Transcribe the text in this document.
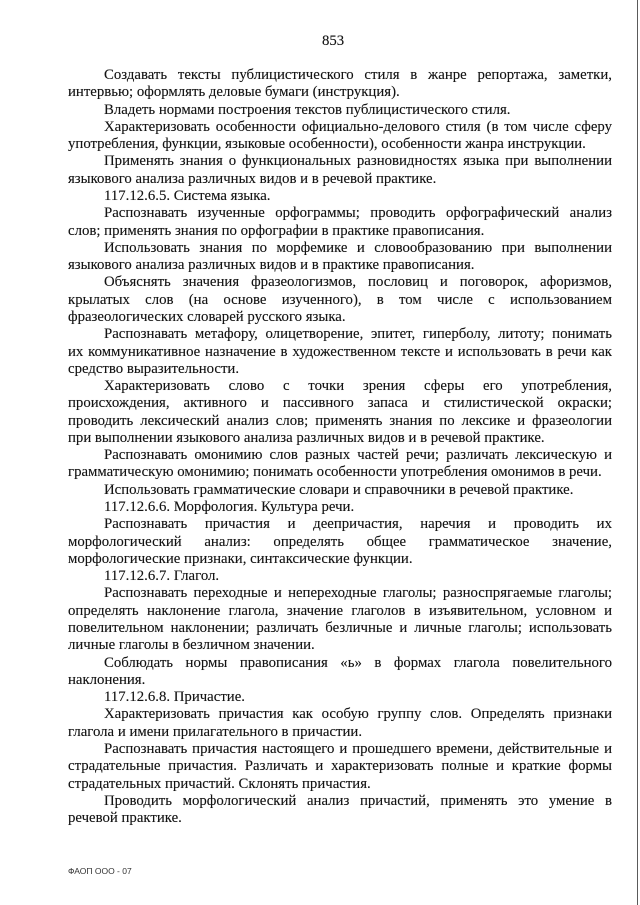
853
Создавать тексты публицистического стиля в жанре репортажа, заметки,
интервью; оформлять деловые бумаги (инструкция).
Владеть нормами построения текстов публицистического стиля.
Характеризовать особенности официально-делового стиля (в том числе сферу
употребления, функции, языковые особенности), особенности жанра инструкции.
Применять знания о функциональных разновидностях языка при выполнении
языкового анализа различных видов и в речевой практике.
117.12.6.5. Система языка.
Распознавать изученные орфограммы; проводить орфографический анализ
слов; применять знания по орфографии в практике правописания.
Использовать знания по морфемике и словообразованию при выполнении
языкового анализа различных видов и в практике правописания.
Объяснять значения фразеологизмов, пословиц и поговорок, афоризмов,
крылатых слов (на основе изученного), в том числе с использованием
фразеологических словарей русского языка.
Распознавать метафору, олицетворение, эпитет, гиперболу, литоту; понимать
их коммуникативное назначение в художественном тексте и использовать в речи как
средство выразительности.
Характеризовать слово с точки зрения сферы его употребления,
происхождения, активного и пассивного запаса и стилистической окраски;
проводить лексический анализ слов; применять знания по лексике и фразеологии
при выполнении языкового анализа различных видов и в речевой практике.
Распознавать омонимию слов разных частей речи; различать лексическую и
грамматическую омонимию; понимать особенности употребления омонимов в речи.
Использовать грамматические словари и справочники в речевой практике.
117.12.6.6. Морфология. Культура речи.
Распознавать причастия и деепричастия, наречия и проводить их
морфологический анализ: определять общее грамматическое значение,
морфологические признаки, синтаксические функции.
117.12.6.7. Глагол.
Распознавать переходные и непереходные глаголы; разноспрягаемые глаголы;
определять наклонение глагола, значение глаголов в изъявительном, условном и
повелительном наклонении; различать безличные и личные глаголы; использовать
личные глаголы в безличном значении.
Соблюдать нормы правописания «ь» в формах глагола повелительного
наклонения.
117.12.6.8. Причастие.
Характеризовать причастия как особую группу слов. Определять признаки
глагола и имени прилагательного в причастии.
Распознавать причастия настоящего и прошедшего времени, действительные и
страдательные причастия. Различать и характеризовать полные и краткие формы
страдательных причастий. Склонять причастия.
Проводить морфологический анализ причастий, применять это умение в
речевой практике.
ФАОП ООО - 07
